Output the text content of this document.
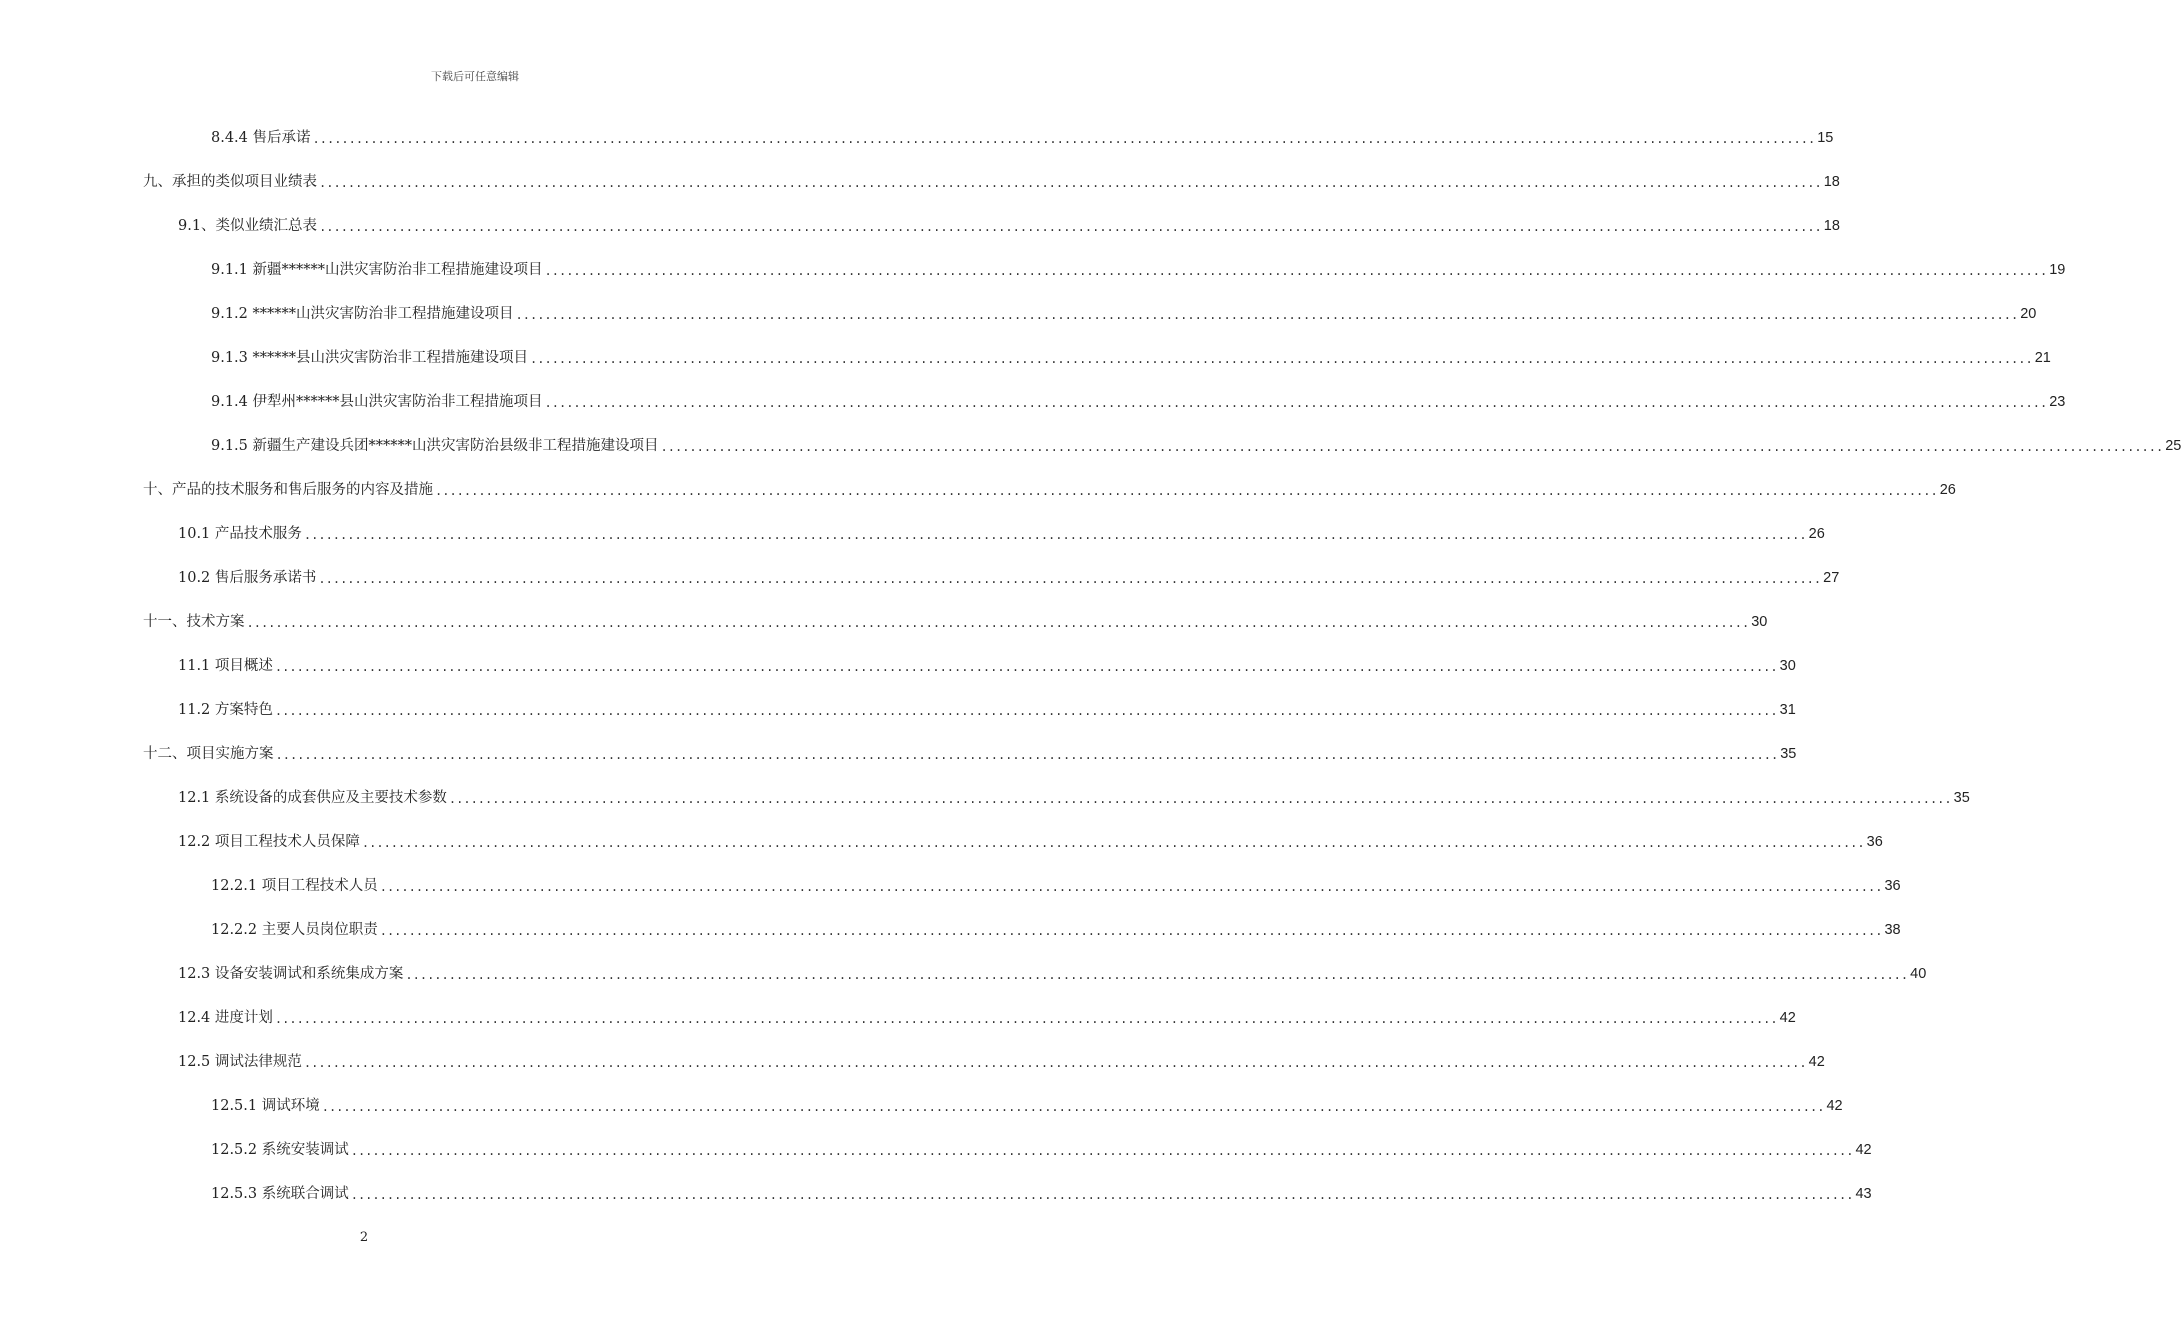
下载后可任意编辑
8.4.4 售后承诺 ................................................................................................................................................................................................................ 15
九、承担的类似项目业绩表 ................................................................................................................................................................................................................ 18
9.1、类似业绩汇总表 ................................................................................................................................................................................................................ 18
9.1.1 新疆******山洪灾害防治非工程措施建设项目 ................................................................................................................................................................................................................ 19
9.1.2 ******山洪灾害防治非工程措施建设项目 ................................................................................................................................................................................................................ 20
9.1.3 ******县山洪灾害防治非工程措施建设项目 ................................................................................................................................................................................................................ 21
9.1.4 伊犁州******县山洪灾害防治非工程措施项目 ................................................................................................................................................................................................................ 23
9.1.5 新疆生产建设兵团******山洪灾害防治县级非工程措施建设项目 ................................................................................................................................................................................................................ 25
十、产品的技术服务和售后服务的内容及措施 ................................................................................................................................................................................................................ 26
10.1 产品技术服务 ................................................................................................................................................................................................................ 26
10.2 售后服务承诺书 ................................................................................................................................................................................................................ 27
十一、技术方案 ................................................................................................................................................................................................................ 30
11.1 项目概述 ................................................................................................................................................................................................................ 30
11.2 方案特色 ................................................................................................................................................................................................................ 31
十二、项目实施方案 ................................................................................................................................................................................................................ 35
12.1 系统设备的成套供应及主要技术参数 ................................................................................................................................................................................................................ 35
12.2 项目工程技术人员保障 ................................................................................................................................................................................................................ 36
12.2.1 项目工程技术人员 ................................................................................................................................................................................................................ 36
12.2.2 主要人员岗位职责 ................................................................................................................................................................................................................ 38
12.3 设备安装调试和系统集成方案 ................................................................................................................................................................................................................ 40
12.4 进度计划 ................................................................................................................................................................................................................ 42
12.5 调试法律规范 ................................................................................................................................................................................................................ 42
12.5.1 调试环境 ................................................................................................................................................................................................................ 42
12.5.2 系统安装调试 ................................................................................................................................................................................................................ 42
12.5.3 系统联合调试 ................................................................................................................................................................................................................ 43
2
